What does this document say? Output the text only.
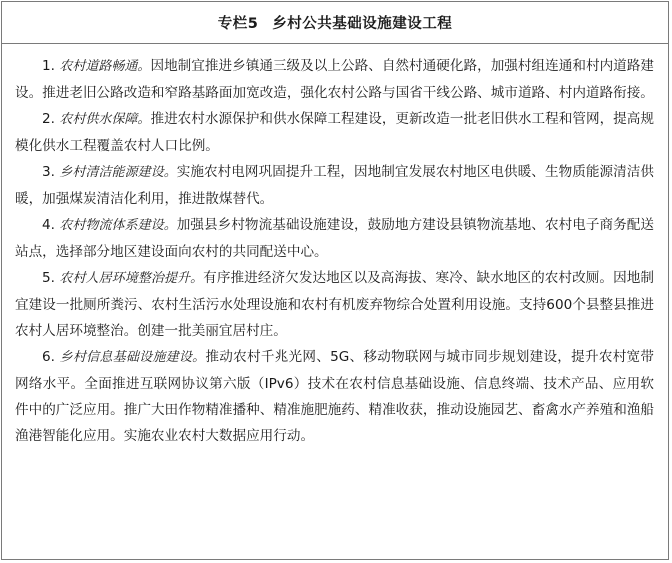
专栏5 乡村公共基础设施建设工程

1. 农村道路畅通。因地制宜推进乡镇通三级及以上公路、自然村通硬化路，加强村组连通和村内道路建设。推进老旧公路改造和窄路基路面加宽改造，强化农村公路与国省干线公路、城市道路、村内道路衔接。

2. 农村供水保障。推进农村水源保护和供水保障工程建设，更新改造一批老旧供水工程和管网，提高规模化供水工程覆盖农村人口比例。

3. 乡村清洁能源建设。实施农村电网巩固提升工程，因地制宜发展农村地区电供暖、生物质能源清洁供暖，加强煤炭清洁化利用，推进散煤替代。

4. 农村物流体系建设。加强县乡村物流基础设施建设，鼓励地方建设县镇物流基地、农村电子商务配送站点，选择部分地区建设面向农村的共同配送中心。

5. 农村人居环境整治提升。有序推进经济欠发达地区以及高海拔、寒冷、缺水地区的农村改厕。因地制宜建设一批厕所粪污、农村生活污水处理设施和农村有机废弃物综合处置利用设施。支持600个县整县推进农村人居环境整治。创建一批美丽宜居村庄。

6. 乡村信息基础设施建设。推动农村千兆光网、5G、移动物联网与城市同步规划建设，提升农村宽带网络水平。全面推进互联网协议第六版（IPv6）技术在农村信息基础设施、信息终端、技术产品、应用软件中的广泛应用。推广大田作物精准播种、精准施肥施药、精准收获，推动设施园艺、畜禽水产养殖和渔船渔港智能化应用。实施农业农村大数据应用行动。
